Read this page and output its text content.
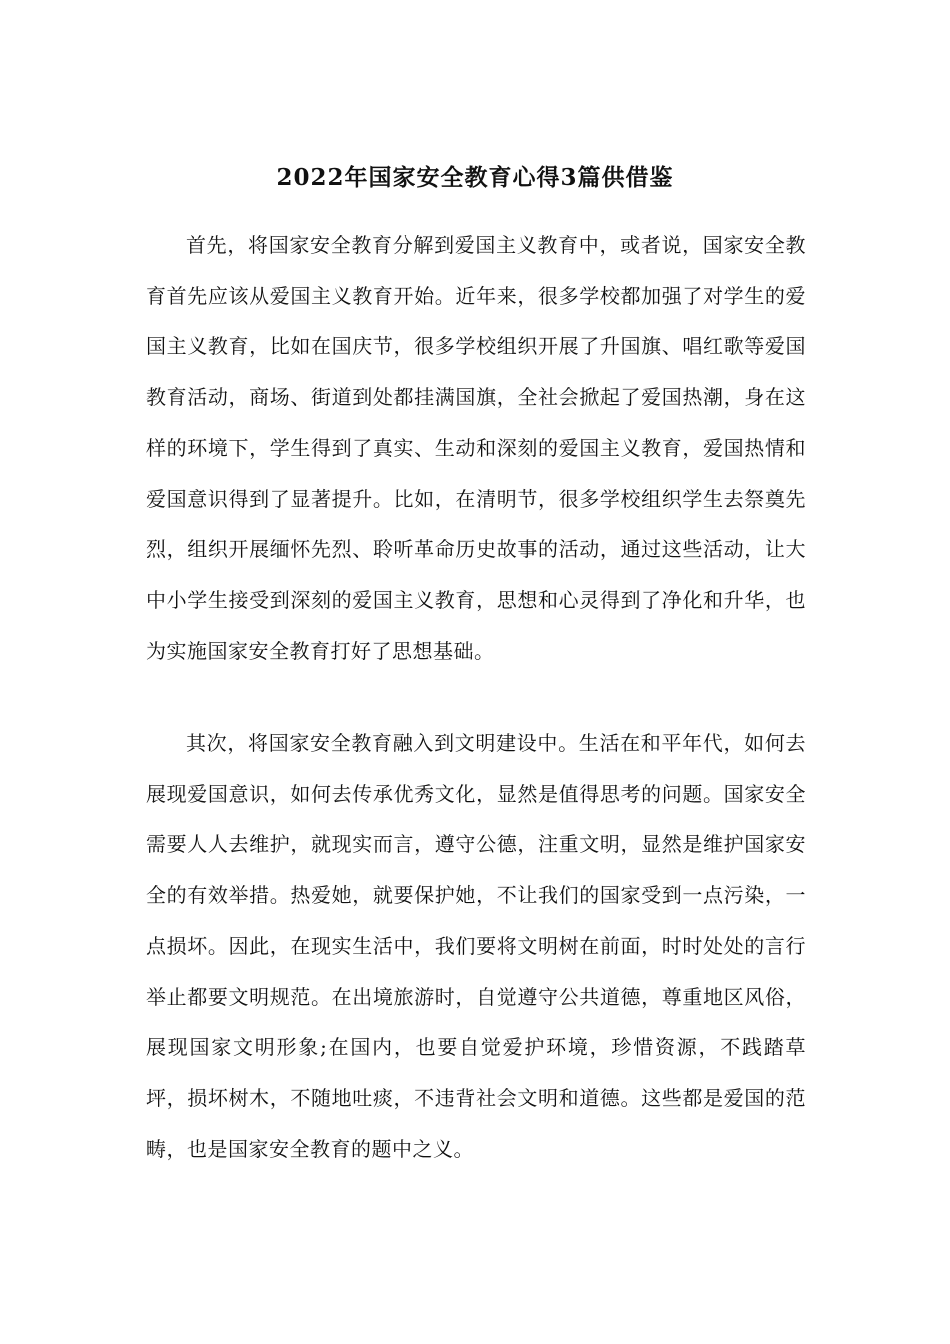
2022年国家安全教育心得3篇供借鉴

首先，将国家安全教育分解到爱国主义教育中，或者说，国家安全教育首先应该从爱国主义教育开始。近年来，很多学校都加强了对学生的爱国主义教育，比如在国庆节，很多学校组织开展了升国旗、唱红歌等爱国教育活动，商场、街道到处都挂满国旗，全社会掀起了爱国热潮，身在这样的环境下，学生得到了真实、生动和深刻的爱国主义教育，爱国热情和爱国意识得到了显著提升。比如，在清明节，很多学校组织学生去祭奠先烈，组织开展缅怀先烈、聆听革命历史故事的活动，通过这些活动，让大中小学生接受到深刻的爱国主义教育，思想和心灵得到了净化和升华，也为实施国家安全教育打好了思想基础。

其次，将国家安全教育融入到文明建设中。生活在和平年代，如何去展现爱国意识，如何去传承优秀文化，显然是值得思考的问题。国家安全需要人人去维护，就现实而言，遵守公德，注重文明，显然是维护国家安全的有效举措。热爱她，就要保护她，不让我们的国家受到一点污染，一点损坏。因此，在现实生活中，我们要将文明树在前面，时时处处的言行举止都要文明规范。在出境旅游时，自觉遵守公共道德，尊重地区风俗，展现国家文明形象;在国内，也要自觉爱护环境，珍惜资源，不践踏草坪，损坏树木，不随地吐痰，不违背社会文明和道德。这些都是爱国的范畴，也是国家安全教育的题中之义。
